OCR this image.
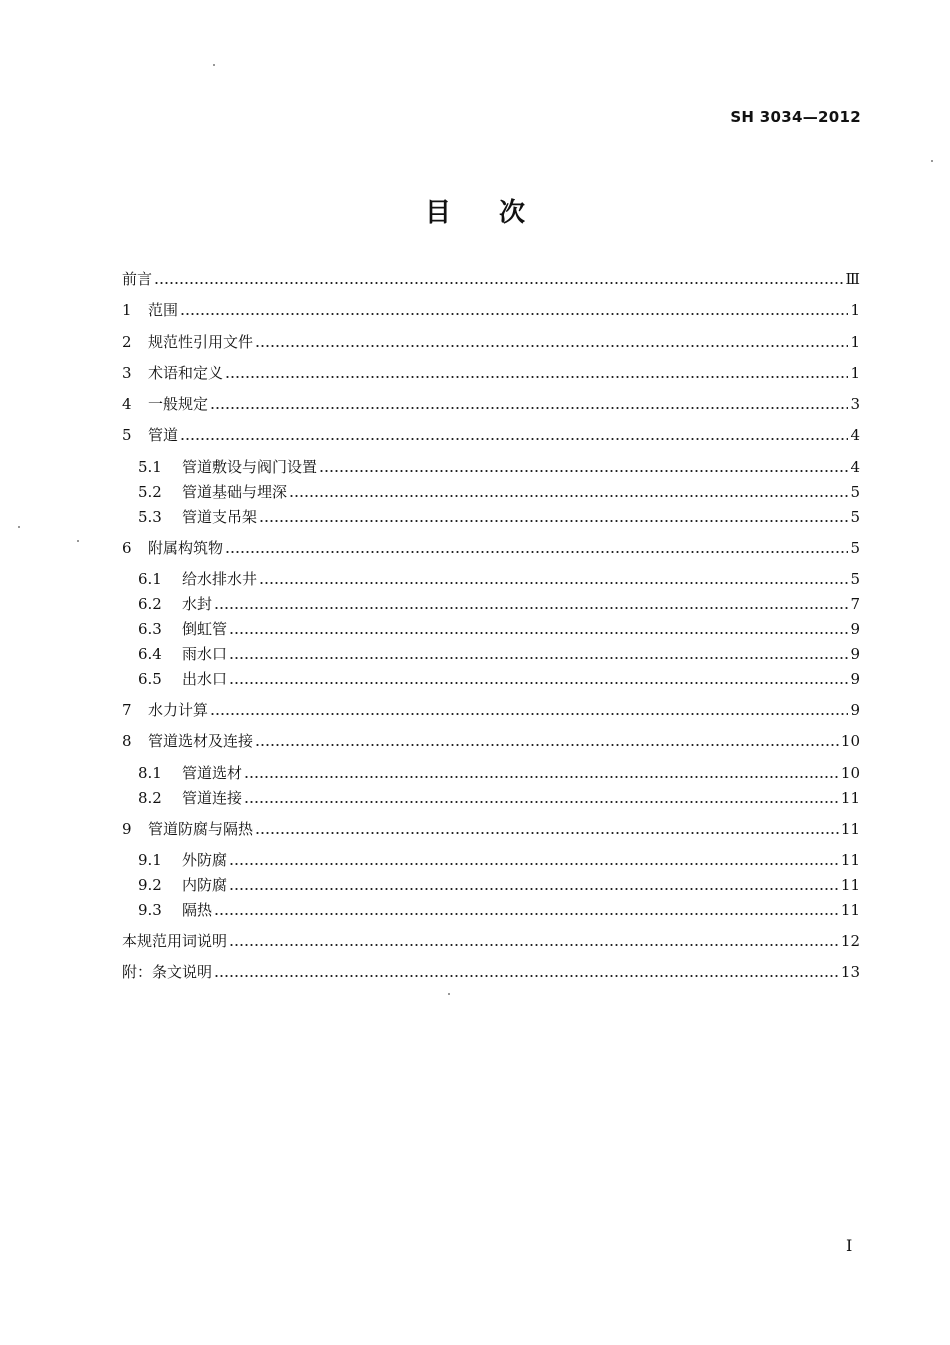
SH 3034—2012
目次
前言	Ⅲ
1	范围	1
2	规范性引用文件	1
3	术语和定义	1
4	一般规定	3
5	管道	4
5.1	管道敷设与阀门设置	4
5.2	管道基础与埋深	5
5.3	管道支吊架	5
6	附属构筑物	5
6.1	给水排水井	5
6.2	水封	7
6.3	倒虹管	9
6.4	雨水口	9
6.5	出水口	9
7	水力计算	9
8	管道选材及连接	10
8.1	管道选材	10
8.2	管道连接	11
9	管道防腐与隔热	11
9.1	外防腐	11
9.2	内防腐	11
9.3	隔热	11
本规范用词说明	12
附：条文说明	13
I
